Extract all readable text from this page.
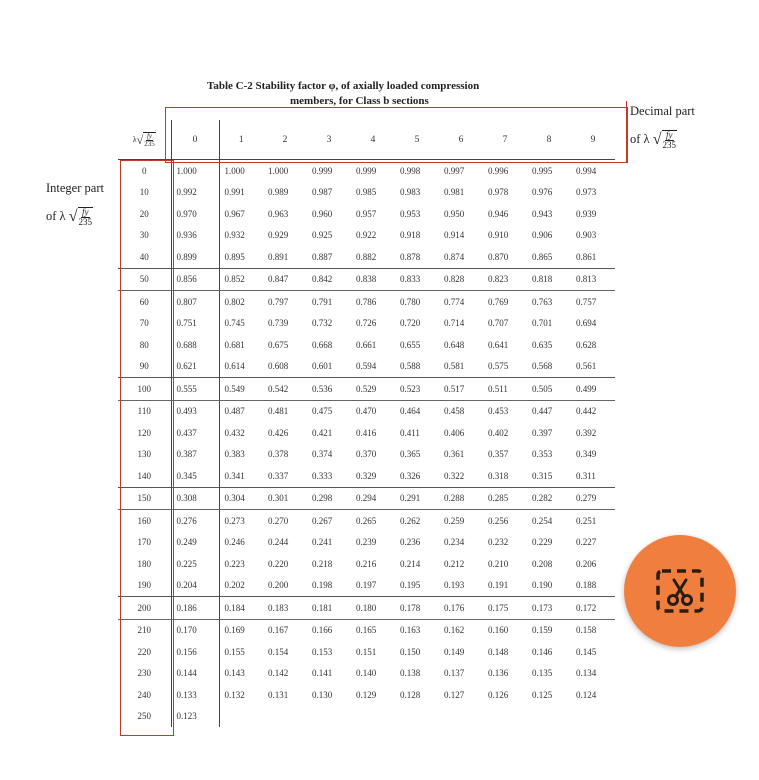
Table C-2 Stability factor φ, of axially loaded compression
members, for Class b sections
Decimal part
of λ √ $\frac{fy}{235}$
Integer part
of λ √ $\frac{fy}{235}$
λ √ $\frac{fy}{235}$	0	1	2	3	4	5	6	7	8	9
0	1.000	1.000	1.000	0.999	0.999	0.998	0.997	0.996	0.995	0.994
10	0.992	0.991	0.989	0.987	0.985	0.983	0.981	0.978	0.976	0.973
20	0.970	0.967	0.963	0.960	0.957	0.953	0.950	0.946	0.943	0.939
30	0.936	0.932	0.929	0.925	0.922	0.918	0.914	0.910	0.906	0.903
40	0.899	0.895	0.891	0.887	0.882	0.878	0.874	0.870	0.865	0.861
50	0.856	0.852	0.847	0.842	0.838	0.833	0.828	0.823	0.818	0.813
60	0.807	0.802	0.797	0.791	0.786	0.780	0.774	0.769	0.763	0.757
70	0.751	0.745	0.739	0.732	0.726	0.720	0.714	0.707	0.701	0.694
80	0.688	0.681	0.675	0.668	0.661	0.655	0.648	0.641	0.635	0.628
90	0.621	0.614	0.608	0.601	0.594	0.588	0.581	0.575	0.568	0.561
100	0.555	0.549	0.542	0.536	0.529	0.523	0.517	0.511	0.505	0.499
110	0.493	0.487	0.481	0.475	0.470	0.464	0.458	0.453	0.447	0.442
120	0.437	0.432	0.426	0.421	0.416	0.411	0.406	0.402	0.397	0.392
130	0.387	0.383	0.378	0.374	0.370	0.365	0.361	0.357	0.353	0.349
140	0.345	0.341	0.337	0.333	0.329	0.326	0.322	0.318	0.315	0.311
150	0.308	0.304	0.301	0.298	0.294	0.291	0.288	0.285	0.282	0.279
160	0.276	0.273	0.270	0.267	0.265	0.262	0.259	0.256	0.254	0.251
170	0.249	0.246	0.244	0.241	0.239	0.236	0.234	0.232	0.229	0.227
180	0.225	0.223	0.220	0.218	0.216	0.214	0.212	0.210	0.208	0.206
190	0.204	0.202	0.200	0.198	0.197	0.195	0.193	0.191	0.190	0.188
200	0.186	0.184	0.183	0.181	0.180	0.178	0.176	0.175	0.173	0.172
210	0.170	0.169	0.167	0.166	0.165	0.163	0.162	0.160	0.159	0.158
220	0.156	0.155	0.154	0.153	0.151	0.150	0.149	0.148	0.146	0.145
230	0.144	0.143	0.142	0.141	0.140	0.138	0.137	0.136	0.135	0.134
240	0.133	0.132	0.131	0.130	0.129	0.128	0.127	0.126	0.125	0.124
250	0.123									
